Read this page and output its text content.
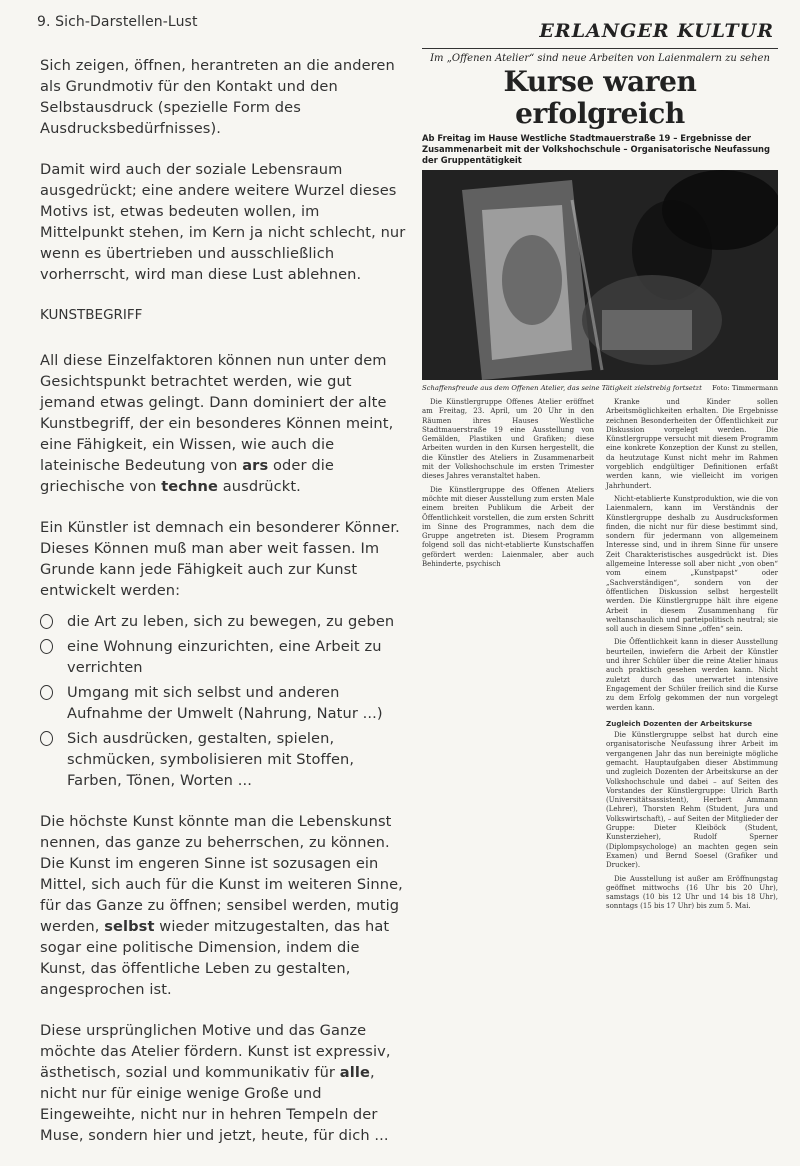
9. Sich-Darstellen-Lust

Sich zeigen, öffnen, herantreten an die anderen als Grundmotiv für den Kontakt und den Selbstausdruck (spezielle Form des Ausdrucksbedürfnisses).

Damit wird auch der soziale Lebensraum ausgedrückt; eine andere weitere Wurzel dieses Motivs ist, etwas bedeuten wollen, im Mittelpunkt stehen, im Kern ja nicht schlecht, nur wenn es übertrieben und ausschließlich vorherrscht, wird man diese Lust ablehnen.

KUNSTBEGRIFF

All diese Einzelfaktoren können nun unter dem Gesichtspunkt betrachtet werden, wie gut jemand etwas gelingt. Dann dominiert der alte Kunstbegriff, der ein besonderes Können meint, eine Fähigkeit, ein Wissen, wie auch die lateinische Bedeutung von ars oder die griechische von techne ausdrückt.

Ein Künstler ist demnach ein besonderer Könner. Dieses Können muß man aber weit fassen. Im Grunde kann jede Fähigkeit auch zur Kunst entwickelt werden:

die Art zu leben, sich zu bewegen, zu geben
eine Wohnung einzurichten, eine Arbeit zu verrichten
Umgang mit sich selbst und anderen Aufnahme der Umwelt (Nahrung, Natur ...)
Sich ausdrücken, gestalten, spielen, schmücken, symbolisieren mit Stoffen, Farben, Tönen, Worten ...

Die höchste Kunst könnte man die Lebenskunst nennen, das ganze zu beherrschen, zu können. Die Kunst im engeren Sinne ist sozusagen ein Mittel, sich auch für die Kunst im weiteren Sinne, für das Ganze zu öffnen; sensibel werden, mutig werden, selbst wieder mitzugestalten, das hat sogar eine politische Dimension, indem die Kunst, das öffentliche Leben zu gestalten, angesprochen ist.

Diese ursprünglichen Motive und das Ganze möchte das Atelier fördern. Kunst ist expressiv, ästhetisch, sozial und kommunikativ für alle, nicht nur für einige wenige Große und Eingeweihte, nicht nur in hehren Tempeln der Muse, sondern hier und jetzt, heute, für dich ...

ERLANGER KULTUR
Im „Offenen Atelier“ sind neue Arbeiten von Laienmalern zu sehen
Kurse waren erfolgreich
Ab Freitag im Hause Westliche Stadtmauerstraße 19 – Ergebnisse der Zusammenarbeit mit der Volkshochschule – Organisatorische Neufassung der Gruppentätigkeit
Schaffensfreude aus dem Offenen Atelier, das seine Tätigkeit zielstrebig fortsetzt Foto: Timmermann

Die Künstlergruppe Offenes Atelier eröffnet am Freitag, 23. April, um 20 Uhr in den Räumen ihres Hauses Westliche Stadtmauerstraße 19 eine Ausstellung von Gemälden, Plastiken und Grafiken; diese Arbeiten wurden in den Kursen hergestellt, die die Künstler des Ateliers in Zusammenarbeit mit der Volkshochschule im ersten Trimester dieses Jahres veranstaltet haben.

Die Künstlergruppe des Offenen Ateliers möchte mit dieser Ausstellung zum ersten Male einem breiten Publikum die Arbeit der Öffentlichkeit vorstellen, die zum ersten Schritt im Sinne des Programmes, nach dem die Gruppe angetreten ist. Diesem Programm folgend soll das nicht-etablierte Kunstschaffen gefördert werden: Laienmaler, aber auch Behinderte, psychisch

Kranke und Kinder sollen Arbeitsmöglichkeiten erhalten. Die Ergebnisse zeichnen Besonderheiten der Öffentlichkeit zur Diskussion vorgelegt werden. Die Künstlergruppe versucht mit diesem Programm eine konkrete Konzeption der Kunst zu stellen, da heutzutage Kunst nicht mehr im Rahmen vorgeblich endgültiger Definitionen erfaßt werden kann, wie vielleicht im vorigen Jahrhundert.

Nicht-etablierte Kunstproduktion, wie die von Laienmalern, kann im Verständnis der Künstlergruppe deshalb zu Ausdrucksformen finden, die nicht nur für diese bestimmt sind, sondern für jedermann von allgemeinem Interesse sind, und in ihrem Sinne für unsere Zeit Charakteristisches ausgedrückt ist. Dies allgemeine Interesse soll aber nicht „von oben“ vom einem „Kunstpapst“ oder „Sachverständigen“, sondern von der öffentlichen Diskussion selbst hergestellt werden. Die Künstlergruppe hält ihre eigene Arbeit in diesem Zusammenhang für weltanschaulich und parteipolitisch neutral; sie soll auch in diesem Sinne „offen“ sein.

Die Öffentlichkeit kann in dieser Ausstellung beurteilen, inwiefern die Arbeit der Künstler und ihrer Schüler über die reine Atelier hinaus auch praktisch gesehen werden kann. Nicht zuletzt durch das unerwartet intensive Engagement der Schüler freilich sind die Kurse zu dem Erfolg gekommen der nun vorgelegt werden kann.

Zugleich Dozenten der Arbeitskurse

Die Künstlergruppe selbst hat durch eine organisatorische Neufassung ihrer Arbeit im vergangenen Jahr das nun bereinigte mögliche gemacht. Hauptaufgaben dieser Abstimmung und zugleich Dozenten der Arbeitskurse an der Volkshochschule und dabei – auf Seiten des Vorstandes der Künstlergruppe: Ulrich Barth (Universitätsassistent), Herbert Ammann (Lehrer), Thorsten Rehm (Student, Jura und Volkswirtschaft), – auf Seiten der Mitglieder der Gruppe: Dieter Kleiböck (Student, Kunsterzieher), Rudolf Sperner (Diplompsychologe) an machten gegen sein Examen) und Bernd Soesel (Grafiker und Drucker).

Die Ausstellung ist außer am Eröffnungstag geöffnet mittwochs (16 Uhr bis 20 Uhr), samstags (10 bis 12 Uhr und 14 bis 18 Uhr), sonntags (15 bis 17 Uhr) bis zum 5. Mai.
